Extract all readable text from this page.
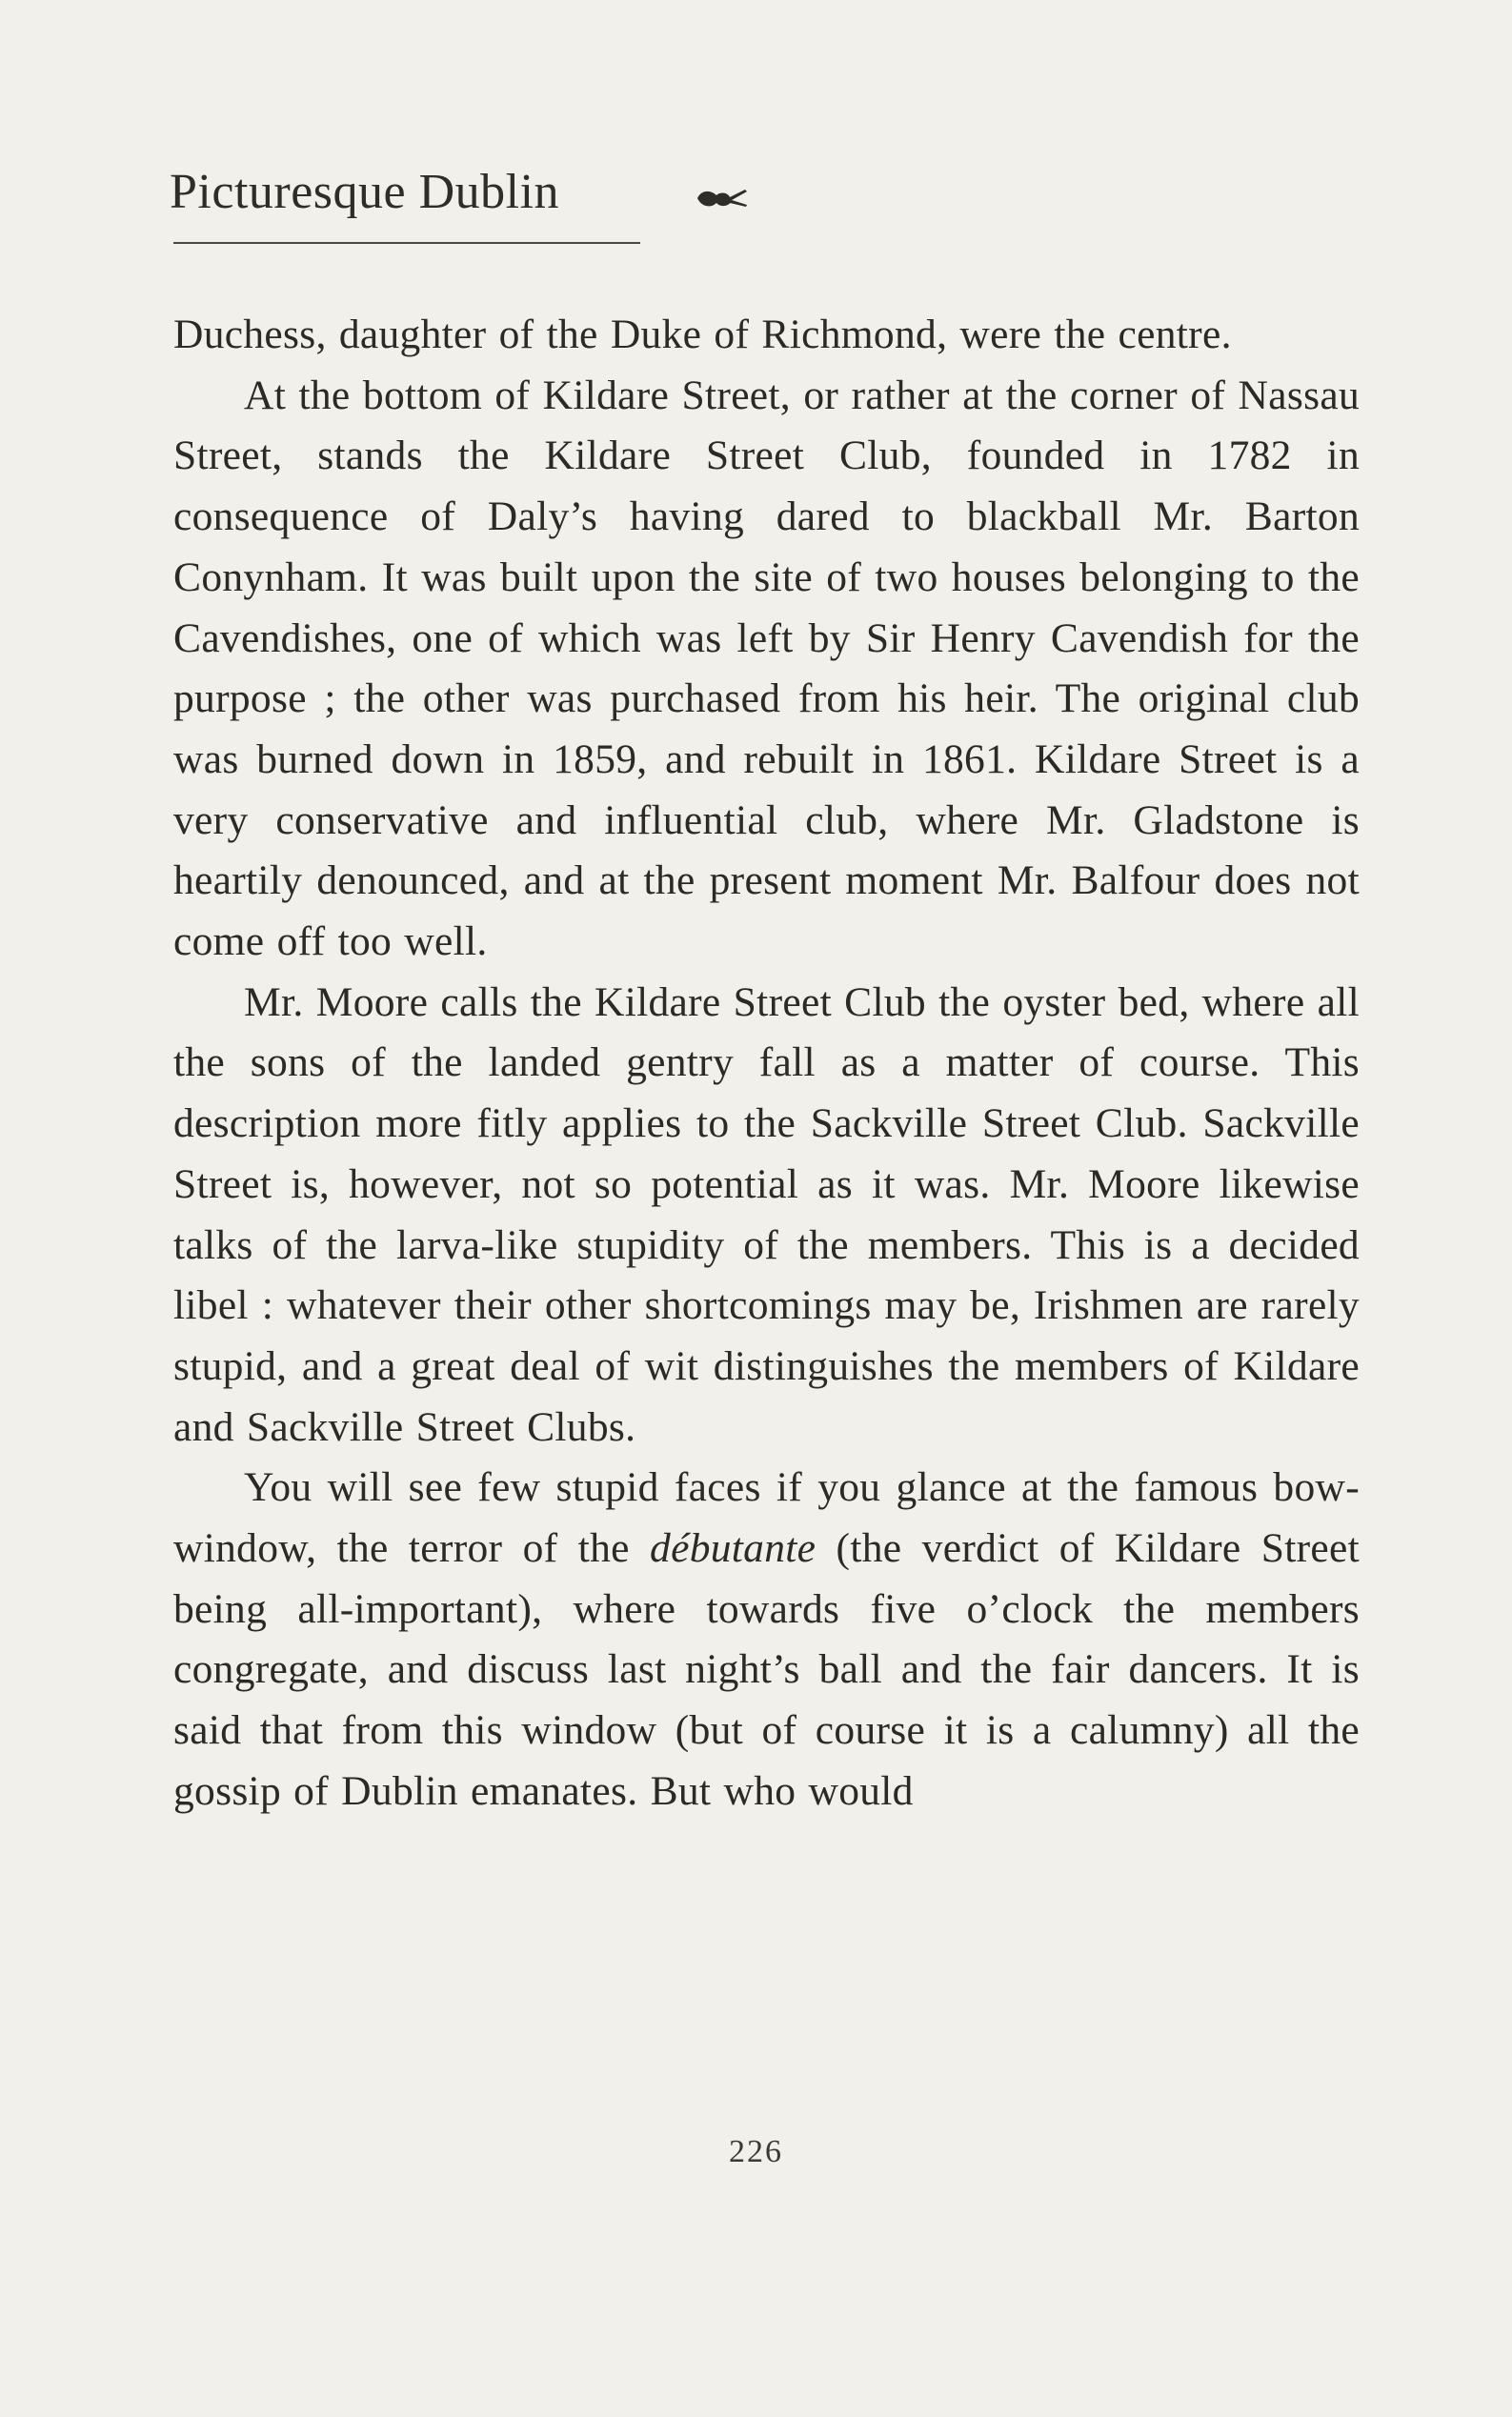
Picturesque Dublin

Duchess, daughter of the Duke of Richmond, were the centre.

At the bottom of Kildare Street, or rather at the corner of Nassau Street, stands the Kildare Street Club, founded in 1782 in consequence of Daly’s having dared to blackball Mr. Barton Conynham. It was built upon the site of two houses belonging to the Cavendishes, one of which was left by Sir Henry Cavendish for the purpose ; the other was purchased from his heir. The original club was burned down in 1859, and rebuilt in 1861. Kildare Street is a very conservative and influential club, where Mr. Gladstone is heartily denounced, and at the present moment Mr. Balfour does not come off too well.

Mr. Moore calls the Kildare Street Club the oyster bed, where all the sons of the landed gentry fall as a matter of course. This description more fitly applies to the Sackville Street Club. Sackville Street is, however, not so potential as it was. Mr. Moore likewise talks of the larva-like stupidity of the members. This is a decided libel : whatever their other shortcomings may be, Irishmen are rarely stupid, and a great deal of wit distinguishes the members of Kildare and Sackville Street Clubs.

You will see few stupid faces if you glance at the famous bow-window, the terror of the débutante (the verdict of Kildare Street being all-important), where towards five o’clock the members congregate, and discuss last night’s ball and the fair dancers. It is said that from this window (but of course it is a calumny) all the gossip of Dublin emanates. But who would

226
